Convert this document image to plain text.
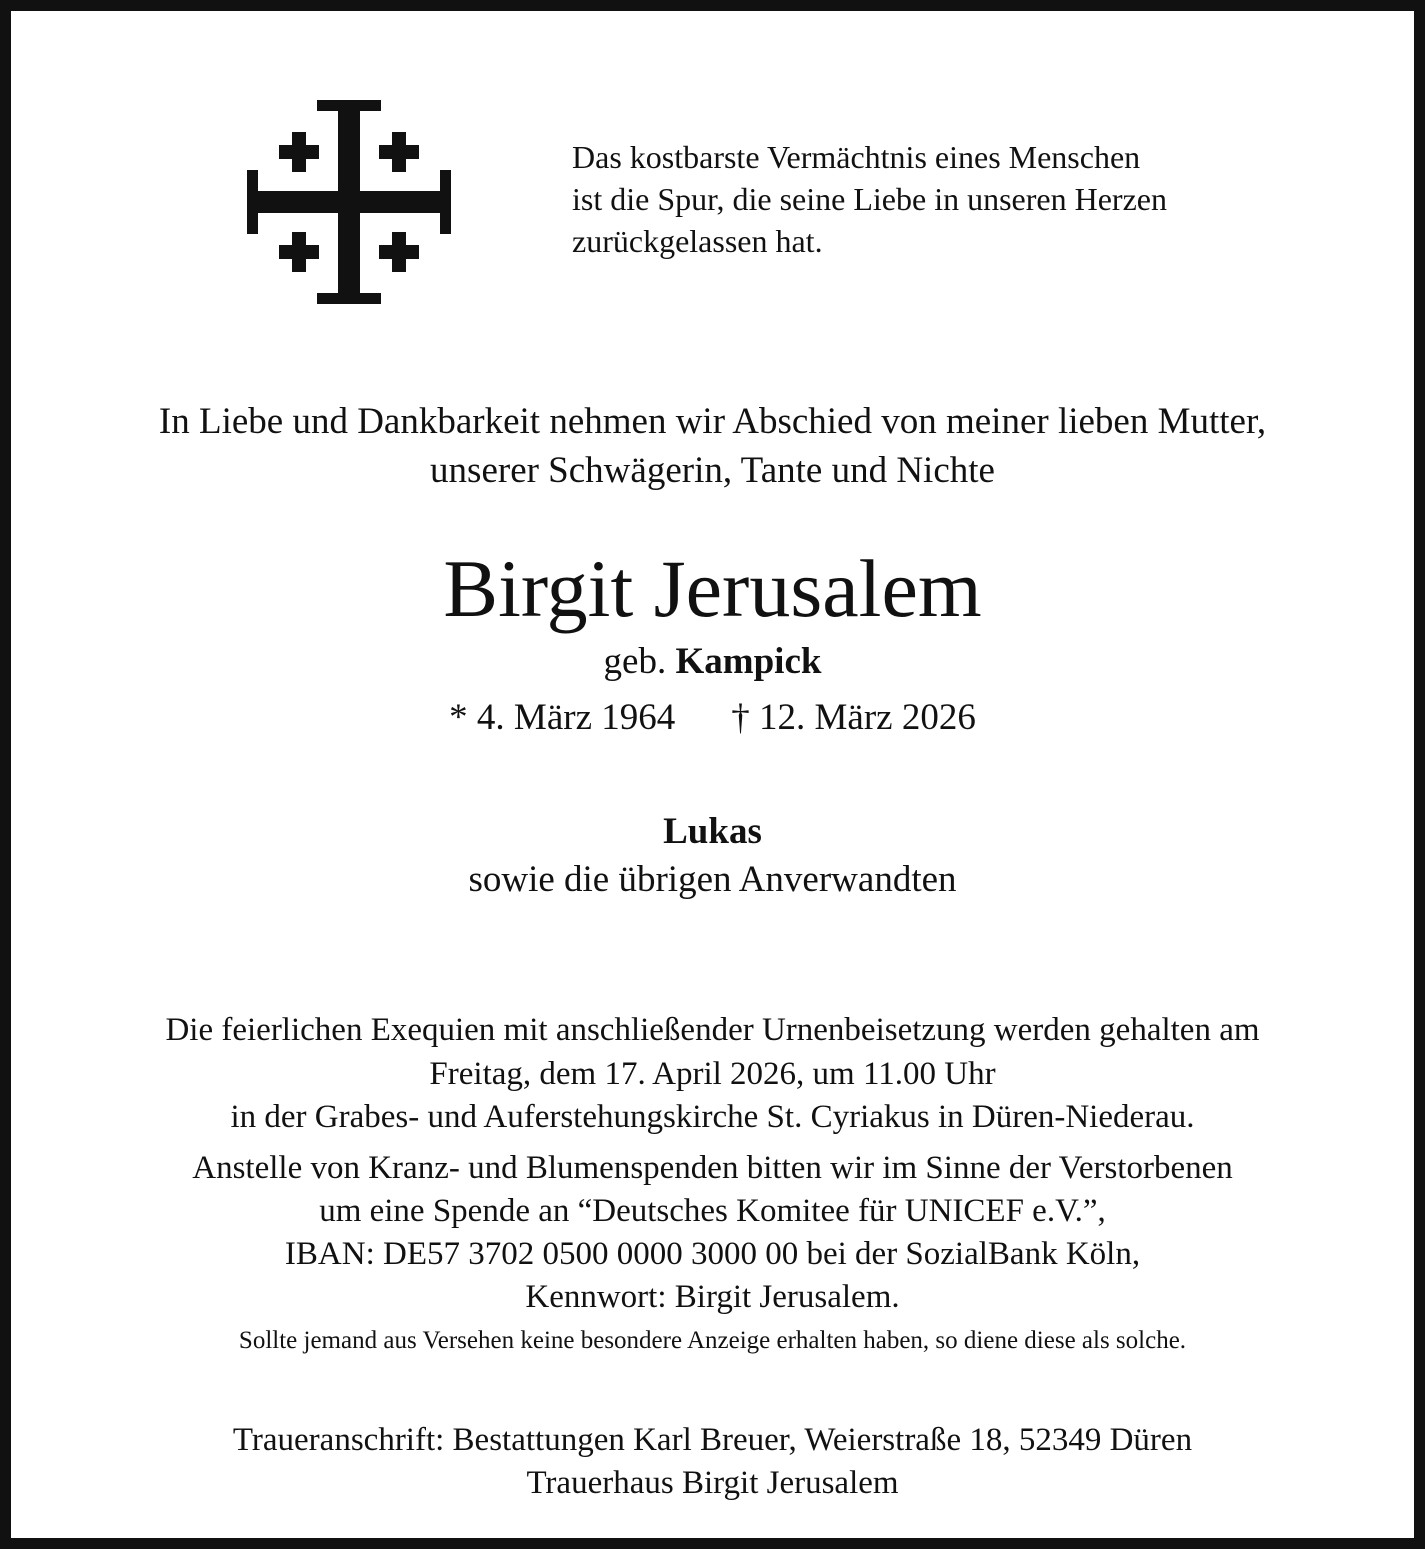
Das kostbarste Vermächtnis eines Menschen
ist die Spur, die seine Liebe in unseren Herzen
zurückgelassen hat.
In Liebe und Dankbarkeit nehmen wir Abschied von meiner lieben Mutter,
unserer Schwägerin, Tante und Nichte
Birgit Jerusalem
geb. Kampick
* 4. März 1964 † 12. März 2026
Lukas
sowie die übrigen Anverwandten
Die feierlichen Exequien mit anschließender Urnenbeisetzung werden gehalten am
Freitag, dem 17. April 2026, um 11.00 Uhr
in der Grabes- und Auferstehungskirche St. Cyriakus in Düren-Niederau.
Anstelle von Kranz- und Blumenspenden bitten wir im Sinne der Verstorbenen
um eine Spende an “Deutsches Komitee für UNICEF e.V.”,
IBAN: DE57 3702 0500 0000 3000 00 bei der SozialBank Köln,
Kennwort: Birgit Jerusalem.
Sollte jemand aus Versehen keine besondere Anzeige erhalten haben, so diene diese als solche.
Traueranschrift: Bestattungen Karl Breuer, Weierstraße 18, 52349 Düren
Trauerhaus Birgit Jerusalem
